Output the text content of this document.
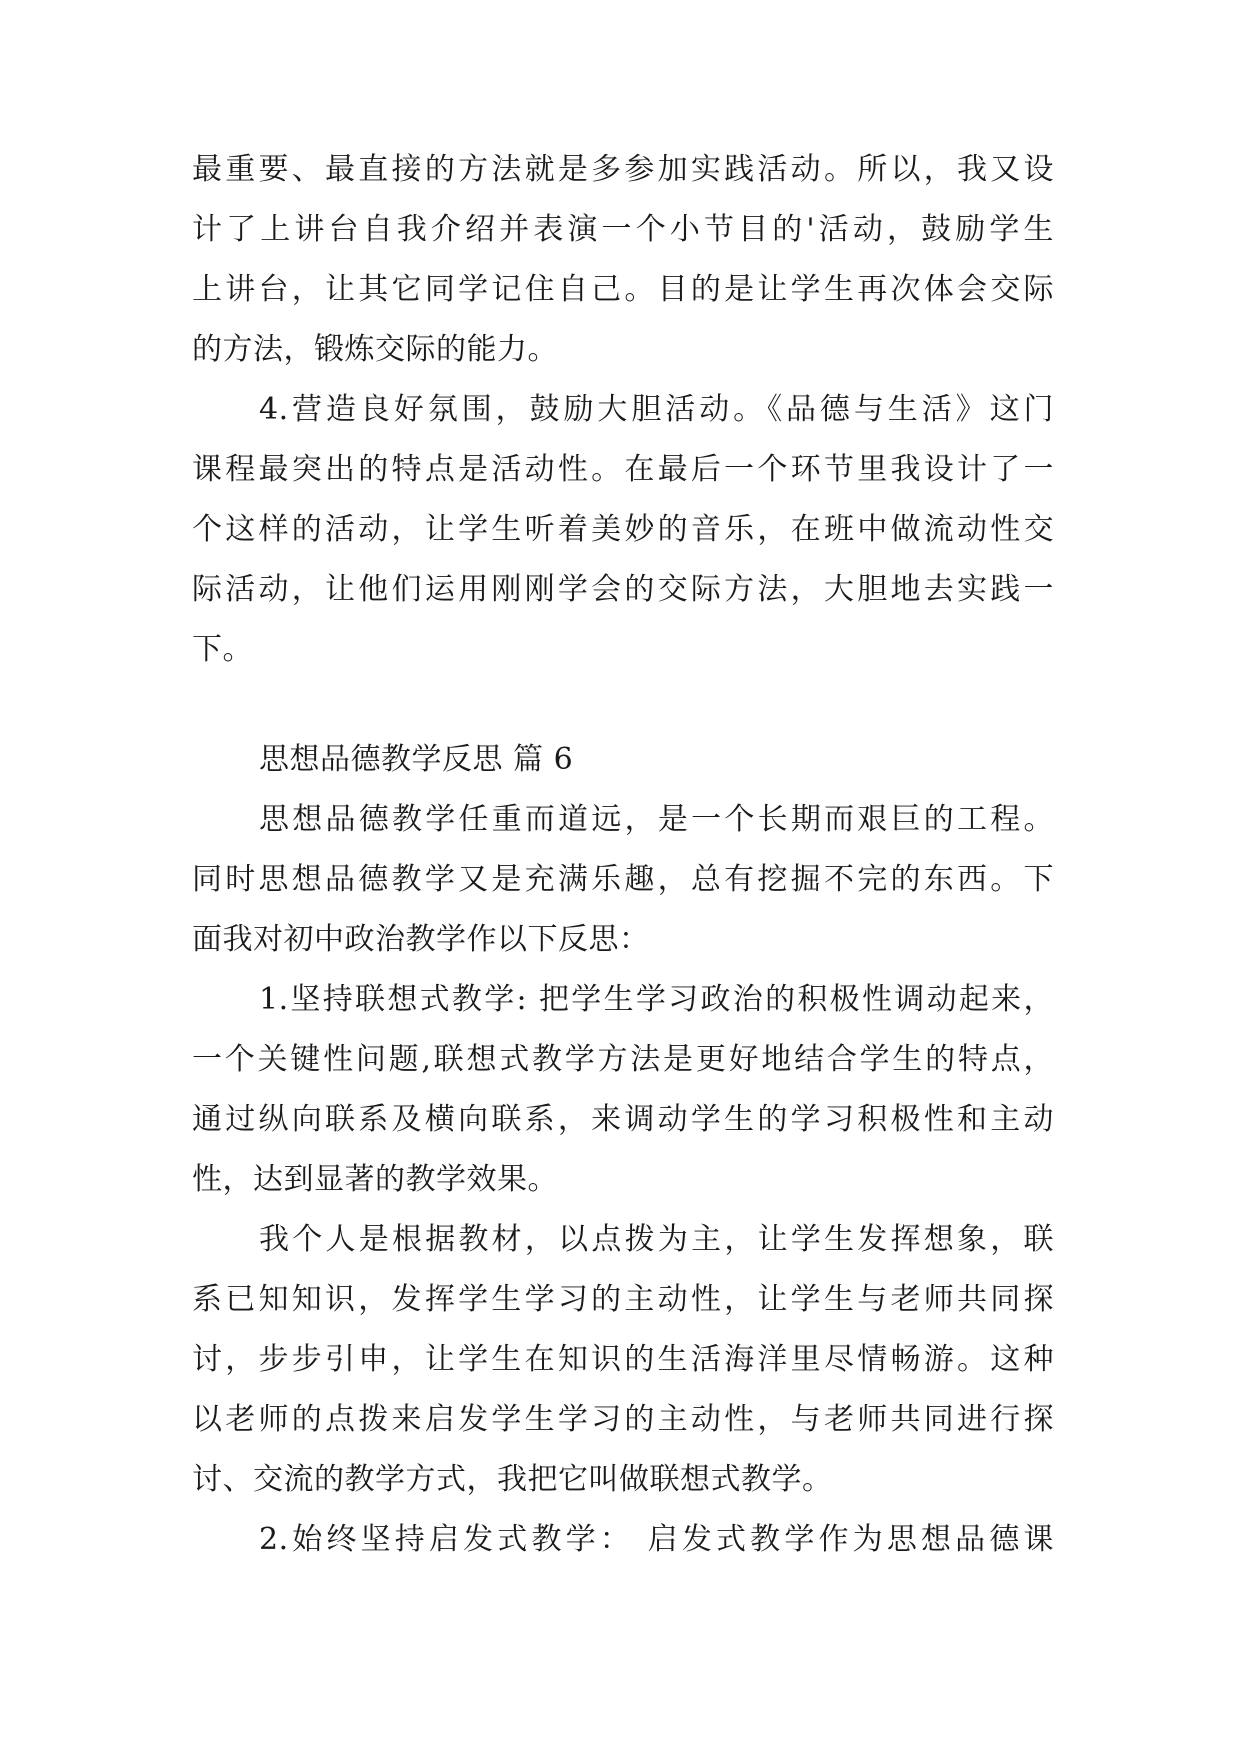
最重要、最直接的方法就是多参加实践活动。所以，我又设
计了上讲台自我介绍并表演一个小节目的'活动，鼓励学生
上讲台，让其它同学记住自己。目的是让学生再次体会交际
的方法，锻炼交际的能力。
4.营造良好氛围，鼓励大胆活动。《品德与生活》这门
课程最突出的特点是活动性。在最后一个环节里我设计了一
个这样的活动，让学生听着美妙的音乐，在班中做流动性交
际活动，让他们运用刚刚学会的交际方法，大胆地去实践一
下。
思想品德教学反思 篇 6
思想品德教学任重而道远，是一个长期而艰巨的工程。
同时思想品德教学又是充满乐趣，总有挖掘不完的东西。下
面我对初中政治教学作以下反思：
1.坚持联想式教学: 把学生学习政治的积极性调动起来，
一个关键性问题,联想式教学方法是更好地结合学生的特点，
通过纵向联系及横向联系，来调动学生的学习积极性和主动
性，达到显著的教学效果。
我个人是根据教材，以点拨为主，让学生发挥想象，联
系已知知识，发挥学生学习的主动性，让学生与老师共同探
讨，步步引申，让学生在知识的生活海洋里尽情畅游。这种
以老师的点拨来启发学生学习的主动性，与老师共同进行探
讨、交流的教学方式，我把它叫做联想式教学。
2.始终坚持启发式教学： 启发式教学作为思想品德课
